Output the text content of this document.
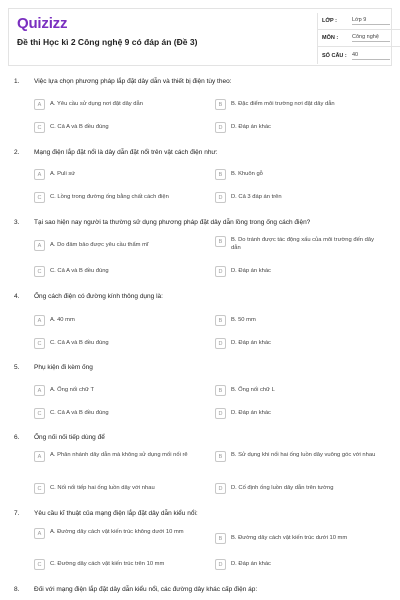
Quizizz
Đề thi Học kì 2 Công nghệ 9 có đáp án (Đề 3)
LỚP :	Lớp 9
MÔN :	Công nghệ
SỐ CÂU : 40
1. Việc lựa chọn phương pháp lắp đặt dây dẫn và thiết bị điện tùy theo:
A	A. Yêu cầu sử dụng nơi đặt dây dẫn	B	B. Đặc điểm môi trường nơi đặt dây dẫn
C	C. Cả A và B đều đúng	D	D. Đáp án khác
2. Mạng điện lắp đặt nổi là dây dẫn đặt nổi trên vật cách điện như:
A	A. Puli sứ	B	B. Khuôn gỗ
C	C. Lồng trong đường ống bằng chất cách điện	D	D. Cả 3 đáp án trên
3. Tại sao hiện nay người ta thường sử dụng phương pháp đặt dây dẫn lồng trong ống cách điện?
A	A. Do đảm bảo được yêu cầu thẩm mĩ
B	B. Do tránh được tác động xấu của môi trường đến dây dẫn
C	C. Cả A và B đều đúng	D	D. Đáp án khác
4. Ống cách điện có đường kính thông dụng là:
A	A. 40 mm	B	B. 50 mm
C	C. Cả A và B đều đúng	D	D. Đáp án khác
5. Phụ kiện đi kèm ống
A	A. Ống nối chữ T	B	B. Ống nối chữ L
C	C. Cả A và B đều đúng	D	D. Đáp án khác
6. Ống nối nối tiếp dùng để
A	A. Phân nhánh dây dẫn mà không sử dụng mối nối rẽ	B	B. Sử dụng khi nối hai ống luồn dây vuông góc với nhau
C	C. Nối nối tiếp hai ống luồn dây với nhau	D	D. Cố định ống luồn dây dẫn trên tường
7. Yêu cầu kĩ thuật của mạng điện lắp đặt dây dẫn kiểu nổi:
A	A. Đường dây cách vật kiến trúc không dưới 10 mm
B	B. Đường dây cách vật kiến trúc dưới 10 mm
C	C. Đường dây cách vật kiến trúc trên 10 mm	D	D. Đáp án khác
8. Đối với mạng điện lắp đặt dây dẫn kiểu nổi, các đường dây khác cấp điện áp:
